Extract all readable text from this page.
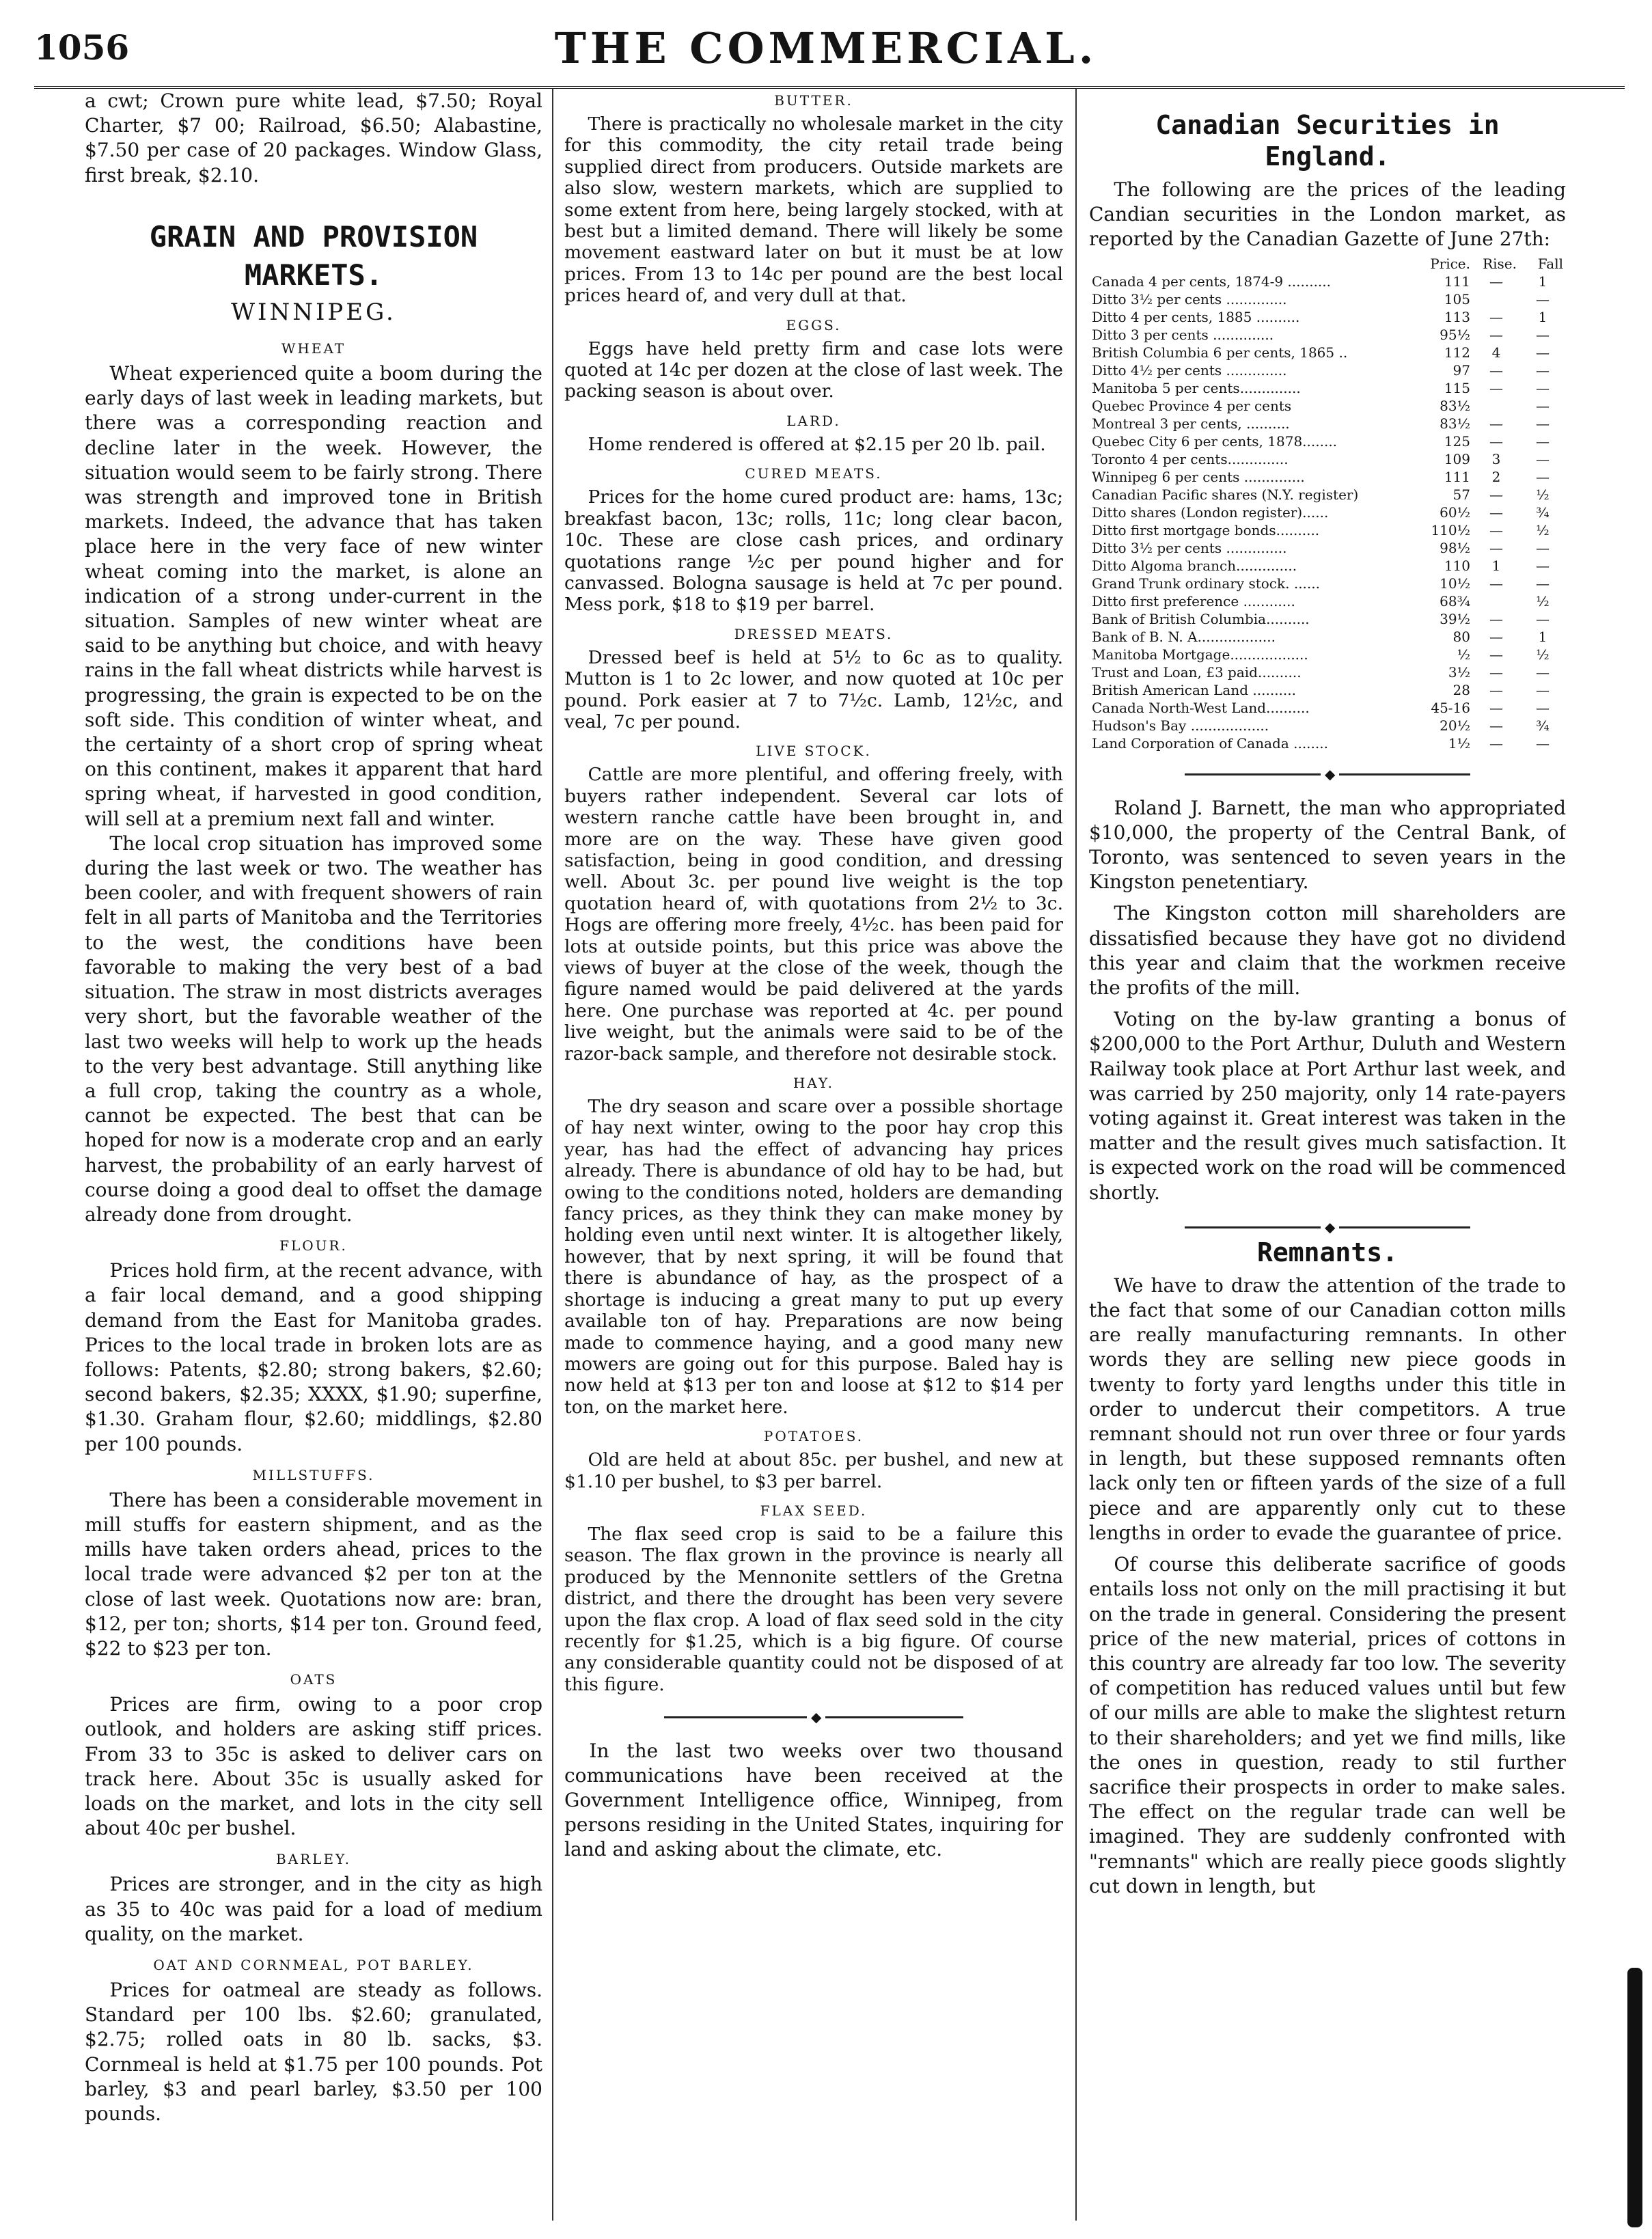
1056	THE COMMERCIAL.

a cwt; Crown pure white lead, $7.50; Royal Charter, $7 00; Railroad, $6.50; Alabastine, $7.50 per case of 20 packages. Window Glass, first break, $2.10.

GRAIN AND PROVISION MARKETS.
WINNIPEG.
WHEAT

Wheat experienced quite a boom during the early days of last week in leading markets, but there was a corresponding reaction and decline later in the week. However, the situation would seem to be fairly strong. There was strength and improved tone in British markets. Indeed, the advance that has taken place here in the very face of new winter wheat coming into the market, is alone an indication of a strong under-current in the situation. Samples of new winter wheat are said to be anything but choice, and with heavy rains in the fall wheat districts while harvest is progressing, the grain is expected to be on the soft side. This condition of winter wheat, and the certainty of a short crop of spring wheat on this continent, makes it apparent that hard spring wheat, if harvested in good condition, will sell at a premium next fall and winter.

The local crop situation has improved some during the last week or two. The weather has been cooler, and with frequent showers of rain felt in all parts of Manitoba and the Territories to the west, the conditions have been favorable to making the very best of a bad situation. The straw in most districts averages very short, but the favorable weather of the last two weeks will help to work up the heads to the very best advantage. Still anything like a full crop, taking the country as a whole, cannot be expected. The best that can be hoped for now is a moderate crop and an early harvest, the probability of an early harvest of course doing a good deal to offset the damage already done from drought.

FLOUR.

Prices hold firm, at the recent advance, with a fair local demand, and a good shipping demand from the East for Manitoba grades. Prices to the local trade in broken lots are as follows: Patents, $2.80; strong bakers, $2.60; second bakers, $2.35; XXXX, $1.90; superfine, $1.30. Graham flour, $2.60; middlings, $2.80 per 100 pounds.

MILLSTUFFS.

There has been a considerable movement in mill stuffs for eastern shipment, and as the mills have taken orders ahead, prices to the local trade were advanced $2 per ton at the close of last week. Quotations now are: bran, $12, per ton; shorts, $14 per ton. Ground feed, $22 to $23 per ton.

OATS

Prices are firm, owing to a poor crop outlook, and holders are asking stiff prices. From 33 to 35c is asked to deliver cars on track here. About 35c is usually asked for loads on the market, and lots in the city sell about 40c per bushel.

BARLEY.

Prices are stronger, and in the city as high as 35 to 40c was paid for a load of medium quality, on the market.

OAT AND CORNMEAL, POT BARLEY.

Prices for oatmeal are steady as follows. Standard per 100 lbs. $2.60; granulated, $2.75; rolled oats in 80 lb. sacks, $3. Cornmeal is held at $1.75 per 100 pounds. Pot barley, $3 and pearl barley, $3.50 per 100 pounds.

BUTTER.

There is practically no wholesale market in the city for this commodity, the city retail trade being supplied direct from producers. Outside markets are also slow, western markets, which are supplied to some extent from here, being largely stocked, with at best but a limited demand. There will likely be some movement eastward later on but it must be at low prices. From 13 to 14c per pound are the best local prices heard of, and very dull at that.

EGGS.

Eggs have held pretty firm and case lots were quoted at 14c per dozen at the close of last week. The packing season is about over.

LARD.

Home rendered is offered at $2.15 per 20 lb. pail.

CURED MEATS.

Prices for the home cured product are: hams, 13c; breakfast bacon, 13c; rolls, 11c; long clear bacon, 10c. These are close cash prices, and ordinary quotations range ½c per pound higher and for canvassed. Bologna sausage is held at 7c per pound. Mess pork, $18 to $19 per barrel.

DRESSED MEATS.

Dressed beef is held at 5½ to 6c as to quality. Mutton is 1 to 2c lower, and now quoted at 10c per pound. Pork easier at 7 to 7½c. Lamb, 12½c, and veal, 7c per pound.

LIVE STOCK.

Cattle are more plentiful, and offering freely, with buyers rather independent. Several car lots of western ranche cattle have been brought in, and more are on the way. These have given good satisfaction, being in good condition, and dressing well. About 3c. per pound live weight is the top quotation heard of, with quotations from 2½ to 3c. Hogs are offering more freely, 4½c. has been paid for lots at outside points, but this price was above the views of buyer at the close of the week, though the figure named would be paid delivered at the yards here. One purchase was reported at 4c. per pound live weight, but the animals were said to be of the razor-back sample, and therefore not desirable stock.

HAY.

The dry season and scare over a possible shortage of hay next winter, owing to the poor hay crop this year, has had the effect of advancing hay prices already. There is abundance of old hay to be had, but owing to the conditions noted, holders are demanding fancy prices, as they think they can make money by holding even until next winter. It is altogether likely, however, that by next spring, it will be found that there is abundance of hay, as the prospect of a shortage is inducing a great many to put up every available ton of hay. Preparations are now being made to commence haying, and a good many new mowers are going out for this purpose. Baled hay is now held at $13 per ton and loose at $12 to $14 per ton, on the market here.

POTATOES.

Old are held at about 85c. per bushel, and new at $1.10 per bushel, to $3 per barrel.

FLAX SEED.

The flax seed crop is said to be a failure this season. The flax grown in the province is nearly all produced by the Mennonite settlers of the Gretna district, and there the drought has been very severe upon the flax crop. A load of flax seed sold in the city recently for $1.25, which is a big figure. Of course any considerable quantity could not be disposed of at this figure.

◆

In the last two weeks over two thousand communications have been received at the Government Intelligence office, Winnipeg, from persons residing in the United States, inquiring for land and asking about the climate, etc.

Canadian Securities in England.

The following are the prices of the leading Candian securities in the London market, as reported by the Canadian Gazette of June 27th:

	Price.	Rise.	Fall
Canada 4 per cents, 1874-9 ..........	111	—	1
Ditto 3½ per cents ..............	105		—
Ditto 4 per cents, 1885 ..........	113	—	1
Ditto 3 per cents ..............	95½	—	—
British Columbia 6 per cents, 1865 ..	112	4	—
Ditto 4½ per cents ..............	97	—	—
Manitoba 5 per cents..............	115	—	—
Quebec Province 4 per cents	83½		—
Montreal 3 per cents, ..........	83½	—	—
Quebec City 6 per cents, 1878........	125	—	—
Toronto 4 per cents..............	109	3	—
Winnipeg 6 per cents ..............	111	2	—
Canadian Pacific shares (N.Y. register)	57	—	½
Ditto shares (London register)......	60½	—	¾
Ditto first mortgage bonds..........	110½	—	½
Ditto 3½ per cents ..............	98½	—	—
Ditto Algoma branch..............	110	1	—
Grand Trunk ordinary stock. ......	10½	—	—
Ditto first preference ............	68¾		½
Bank of British Columbia..........	39½	—	—
Bank of B. N. A..................	80	—	1
Manitoba Mortgage..................	½	—	½
Trust and Loan, £3 paid..........	3½	—	—
British American Land ..........	28	—	—
Canada North-West Land..........	45-16	—	—
Hudson's Bay ..................	20½	—	¾
Land Corporation of Canada ........	1½	—	—
◆

Roland J. Barnett, the man who appropriated $10,000, the property of the Central Bank, of Toronto, was sentenced to seven years in the Kingston penetentiary.

The Kingston cotton mill shareholders are dissatisfied because they have got no dividend this year and claim that the workmen receive the profits of the mill.

Voting on the by-law granting a bonus of $200,000 to the Port Arthur, Duluth and Western Railway took place at Port Arthur last week, and was carried by 250 majority, only 14 rate-payers voting against it. Great interest was taken in the matter and the result gives much satisfaction. It is expected work on the road will be commenced shortly.

◆
Remnants.

We have to draw the attention of the trade to the fact that some of our Canadian cotton mills are really manufacturing remnants. In other words they are selling new piece goods in twenty to forty yard lengths under this title in order to undercut their competitors. A true remnant should not run over three or four yards in length, but these supposed remnants often lack only ten or fifteen yards of the size of a full piece and are apparently only cut to these lengths in order to evade the guarantee of price.

Of course this deliberate sacrifice of goods entails loss not only on the mill practising it but on the trade in general. Considering the present price of the new material, prices of cottons in this country are already far too low. The severity of competition has reduced values until but few of our mills are able to make the slightest return to their shareholders; and yet we find mills, like the ones in question, ready to stil further sacrifice their prospects in order to make sales. The effect on the regular trade can well be imagined. They are suddenly confronted with "remnants" which are really piece goods slightly cut down in length, but
